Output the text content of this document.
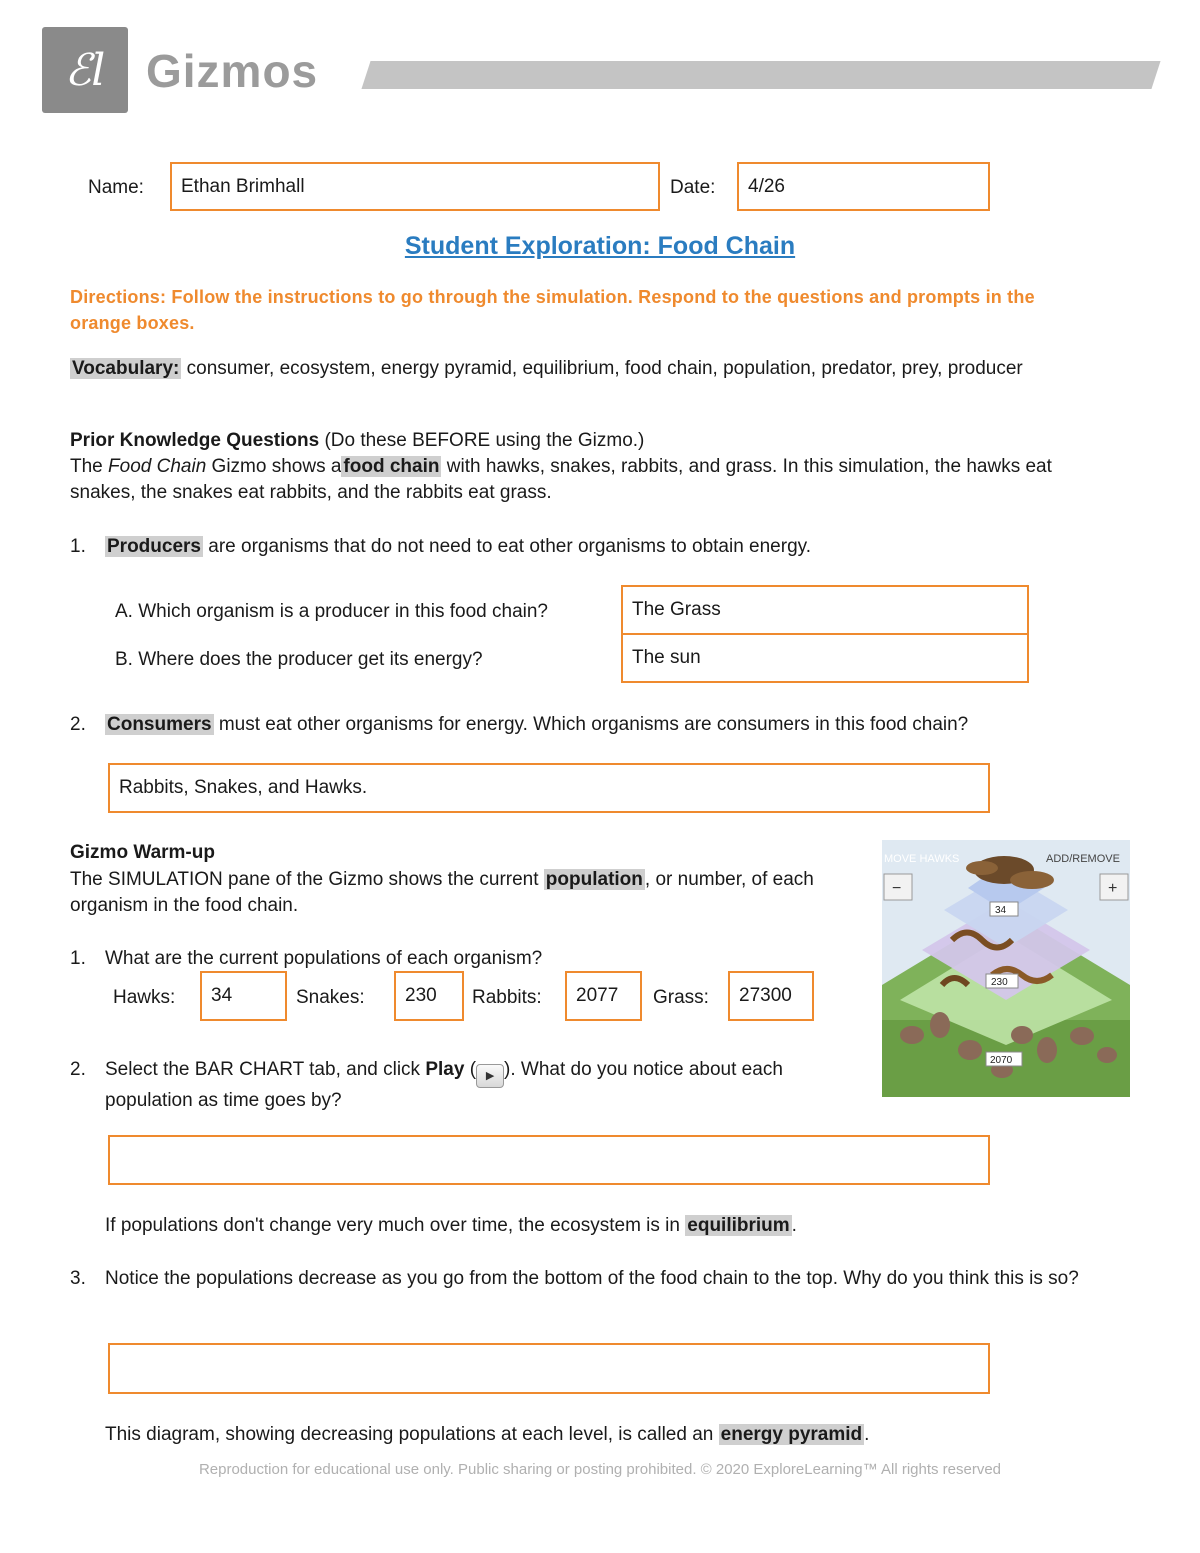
ℰl Gizmos
Name: Ethan Brimhall	Date: 4/26
Student Exploration: Food Chain
Directions: Follow the instructions to go through the simulation. Respond to the questions and prompts in the orange boxes.
Vocabulary: consumer, ecosystem, energy pyramid, equilibrium, food chain, population, predator, prey, producer
Prior Knowledge Questions (Do these BEFORE using the Gizmo.)
The Food Chain Gizmo shows a food chain with hawks, snakes, rabbits, and grass. In this simulation, the hawks eat snakes, the snakes eat rabbits, and the rabbits eat grass.
1. Producers are organisms that do not need to eat other organisms to obtain energy.
A. Which organism is a producer in this food chain?	The Grass
B. Where does the producer get its energy?	The sun
2. Consumers must eat other organisms for energy. Which organisms are consumers in this food chain?
Rabbits, Snakes, and Hawks.
Gizmo Warm-up
The SIMULATION pane of the Gizmo shows the current population , or number, of each organism in the food chain.
1. What are the current populations of each organism?
Hawks: 34	Snakes: 230 Rabbits: 2077 Grass: 27300
2. Select the BAR CHART tab, and click Play ( ▶ ). What do you notice about each population as time goes by?
If populations don't change very much over time, the ecosystem is in equilibrium .
3. Notice the populations decrease as you go from the bottom of the food chain to the top. Why do you think this is so?
This diagram, showing decreasing populations at each level, is called an energy pyramid .
MOVE HAWKS	ADD/REMOVE
−	+
34
230
2070
Reproduction for educational use only. Public sharing or posting prohibited. © 2020 ExploreLearning™ All rights reserved
